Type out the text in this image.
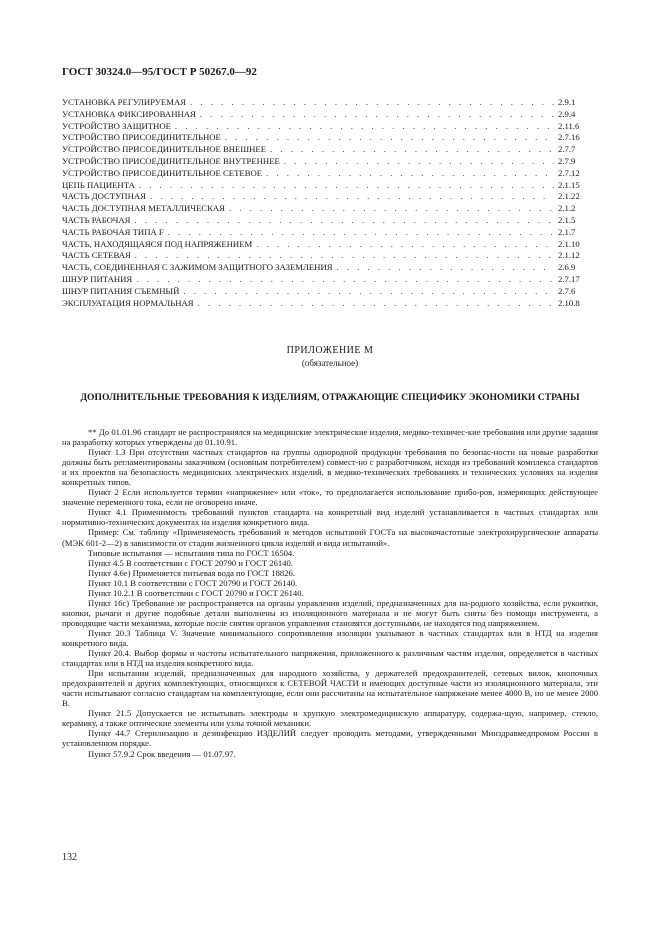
ГОСТ 30324.0—95/ГОСТ Р 50267.0—92
УСТАНОВКА РЕГУЛИРУЕМАЯ . . .	2.9.1
УСТАНОВКА ФИКСИРОВАННАЯ . . .	2.9.4
УСТРОЙСТВО ЗАЩИТНОЕ . . .	2.11.6
УСТРОЙСТВО ПРИСОЕДИНИТЕЛЬНОЕ . . .	2.7.16
УСТРОЙСТВО ПРИСОЕДИНИТЕЛЬНОЕ ВНЕШНЕЕ . . .	2.7.7
УСТРОЙСТВО ПРИСОЕДИНИТЕЛЬНОЕ ВНУТРЕННЕЕ . . .	2.7.9
УСТРОЙСТВО ПРИСОЕДИНИТЕЛЬНОЕ СЕТЕВОЕ . . .	2.7.12
ЦЕПЬ ПАЦИЕНТА . . .	2.1.15
ЧАСТЬ ДОСТУПНАЯ . . .	2.1.22
ЧАСТЬ ДОСТУПНАЯ МЕТАЛЛИЧЕСКАЯ . . .	2.1.2
ЧАСТЬ РАБОЧАЯ . . .	2.1.5
ЧАСТЬ РАБОЧАЯ ТИПА F . . .	2.1.7
ЧАСТЬ, НАХОДЯЩАЯСЯ ПОД НАПРЯЖЕНИЕМ . . .	2.1.10
ЧАСТЬ СЕТЕВАЯ . . .	2.1.12
ЧАСТЬ, СОЕДИНЕННАЯ С ЗАЖИМОМ ЗАЩИТНОГО ЗАЗЕМЛЕНИЯ . . .	2.6.9
ШНУР ПИТАНИЯ . . .	2.7.17
ШНУР ПИТАНИЯ СЪЕМНЫЙ . . .	2.7.6
ЭКСПЛУАТАЦИЯ НОРМАЛЬНАЯ . . .	2.10.8
ПРИЛОЖЕНИЕ М
(обязательное)
ДОПОЛНИТЕЛЬНЫЕ ТРЕБОВАНИЯ К ИЗДЕЛИЯМ, ОТРАЖАЮЩИЕ СПЕЦИФИКУ ЭКОНОМИКИ СТРАНЫ

** До 01.01.96 стандарт не распространялся на медицинские электрические изделия, медико-техничес-кие требования или другие задания на разработку которых утверждены до 01.10.91.

Пункт 1.3 При отсутствии частных стандартов на группы однородной продукции требования по безопас-ности на новые разработки должны быть регламентированы заказчиком (основным потребителем) совмест-но с разработчиком, исходя из требований комплекса стандартов и их проектов на безопасность медицинских электрических изделий, в медико-технических требованиях и технических условиях на изделия конкретных типов.

Пункт 2 Если используется термин «напряжение» или «ток», то предполагается использование прибо-ров, измеряющих действующее значение переменного тока, если не оговорено иначе.

Пункт 4.1 Применимость требований пунктов стандарта на конкретный вид изделий устанавливается в частных стандартах или нормативно-технических документах на изделия конкретного вида.

Пример: См. таблицу «Применяемость требований и методов испытаний ГОСТа на высокочастотные электрохирургические аппараты (МЭК 601-2—2) в зависимости от стадии жизненного цикла изделий и вида испытаний».

Типовые испытания — испытания типа по ГОСТ 16504.

Пункт 4.5 В соответствии с ГОСТ 20790 и ГОСТ 26140.

Пункт 4.6е) Применяется питьевая вода по ГОСТ 18826.

Пункт 10.1 В соответствии с ГОСТ 20790 и ГОСТ 26140.

Пункт 10.2.1 В соответствии с ГОСТ 20790 и ГОСТ 26140.

Пункт 16с) Требование не распространяется на органы управления изделий, предназначенных для на-родного хозяйства, если рукоятки, кнопки, рычаги и другие подобные детали выполнены из изоляционного материала и не могут быть сняты без помощи инструмента, а проводящие части механизма, которые после снятия органов управления становятся доступными, не находятся под напряжением.

Пункт 20.3 Таблица V. Значение минимального сопротивления изоляции указывают в частных стандартах или в НТД на изделия конкретного вида.

Пункт 20.4. Выбор формы и частоты испытательного напряжения, приложенного к различным частям изделия, определяется в частных стандартах или в НТД на изделия конкретного вида.

При испытании изделий, предназначенных для народного хозяйства, у держателей предохранителей, сетевых вилок, кнопочных предохранителей и других комплектующих, относящихся к СЕТЕВОЙ ЧАСТИ и имеющих доступные части из изоляционного материала, эти части испытывают согласно стандартам на комплектующие, если они рассчитаны на испытательное напряжение менее 4000 В, но не менее 2000 В.

Пункт 21.5 Допускается не испытывать электроды и хрупкую электромедицинскую аппаратуру, содержа-щую, например, стекло, керамику, а также оптические элементы или узлы точной механики.

Пункт 44.7 Стерилизацию и дезинфекцию ИЗДЕЛИЙ следует проводить методами, утвержденными Минздравмедпромом России в установленном порядке.

Пункт 57.9.2 Срок введения — 01.07.97.

132
